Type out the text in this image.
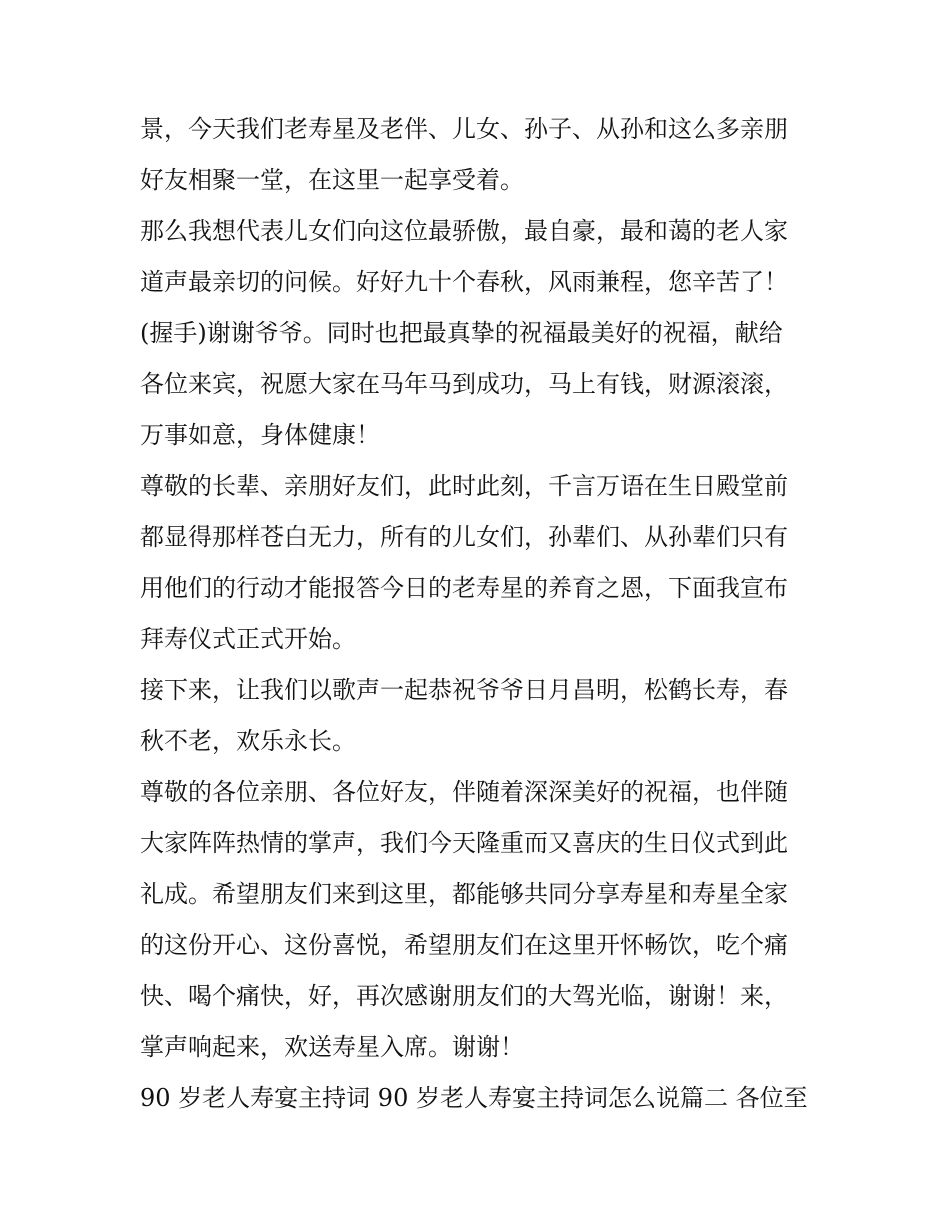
景，今天我们老寿星及老伴、儿女、孙子、从孙和这么多亲朋
好友相聚一堂，在这里一起享受着。
那么我想代表儿女们向这位最骄傲，最自豪，最和蔼的老人家
道声最亲切的问候。好好九十个春秋，风雨兼程，您辛苦了！
(握手)谢谢爷爷。同时也把最真挚的祝福最美好的祝福，献给
各位来宾，祝愿大家在马年马到成功，马上有钱，财源滚滚，
万事如意，身体健康！
尊敬的长辈、亲朋好友们，此时此刻，千言万语在生日殿堂前
都显得那样苍白无力，所有的儿女们，孙辈们、从孙辈们只有
用他们的行动才能报答今日的老寿星的养育之恩，下面我宣布
拜寿仪式正式开始。
接下来，让我们以歌声一起恭祝爷爷日月昌明，松鹤长寿，春
秋不老，欢乐永长。
尊敬的各位亲朋、各位好友，伴随着深深美好的祝福，也伴随
大家阵阵热情的掌声，我们今天隆重而又喜庆的生日仪式到此
礼成。希望朋友们来到这里，都能够共同分享寿星和寿星全家
的这份开心、这份喜悦，希望朋友们在这里开怀畅饮，吃个痛
快、喝个痛快，好，再次感谢朋友们的大驾光临，谢谢！来，
掌声响起来，欢送寿星入席。谢谢！
90 岁老人寿宴主持词 90 岁老人寿宴主持词怎么说篇二 各位至
